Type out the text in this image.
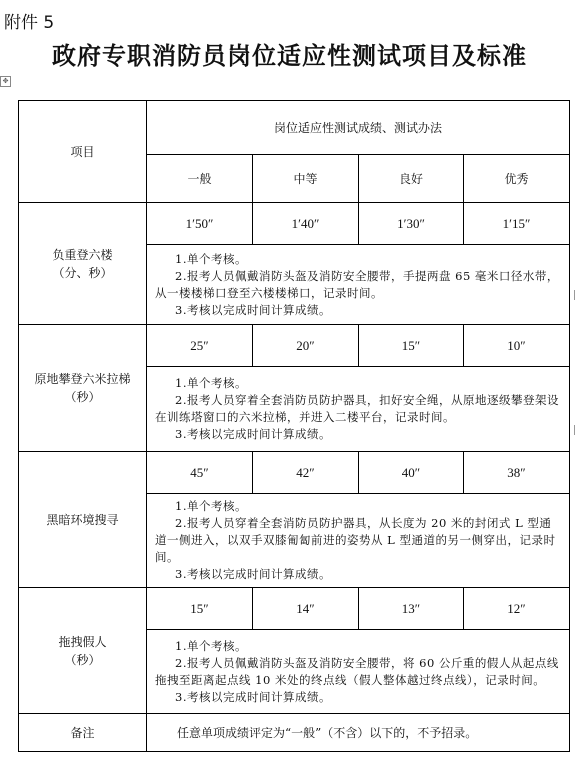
附件 5
政府专职消防员岗位适应性测试项目及标准
✥
项目	岗位适应性测试成绩、测试办法			
	一般	中等	良好	优秀

负重登六楼
（分、秒）	1′50″	1′40″	1′30″	1′15″

	1.单个考核。
2.报考人员佩戴消防头盔及消防安全腰带，手提两盘 65 毫米口径水带，从一楼楼梯口登至六楼楼梯口，记录时间。
3.考核以完成时间计算成绩。			

原地攀登六米拉梯
（秒）	25″	20″	15″	10″

	1.单个考核。
2.报考人员穿着全套消防员防护器具，扣好安全绳，从原地逐级攀登架设在训练塔窗口的六米拉梯，并进入二楼平台，记录时间。
3.考核以完成时间计算成绩。			

黑暗环境搜寻	45″	42″	40″	38″

	1.单个考核。
2.报考人员穿着全套消防员防护器具，从长度为 20 米的封闭式 L 型通道一侧进入，以双手双膝匍匐前进的姿势从 L 型通道的另一侧穿出，记录时间。
3.考核以完成时间计算成绩。			

拖拽假人
（秒）	15″	14″	13″	12″

	1.单个考核。
2.报考人员佩戴消防头盔及消防安全腰带，将 60 公斤重的假人从起点线拖拽至距离起点线 10 米处的终点线（假人整体越过终点线），记录时间。
3.考核以完成时间计算成绩。			

备注	任意单项成绩评定为“一般”（不含）以下的，不予招录。			
